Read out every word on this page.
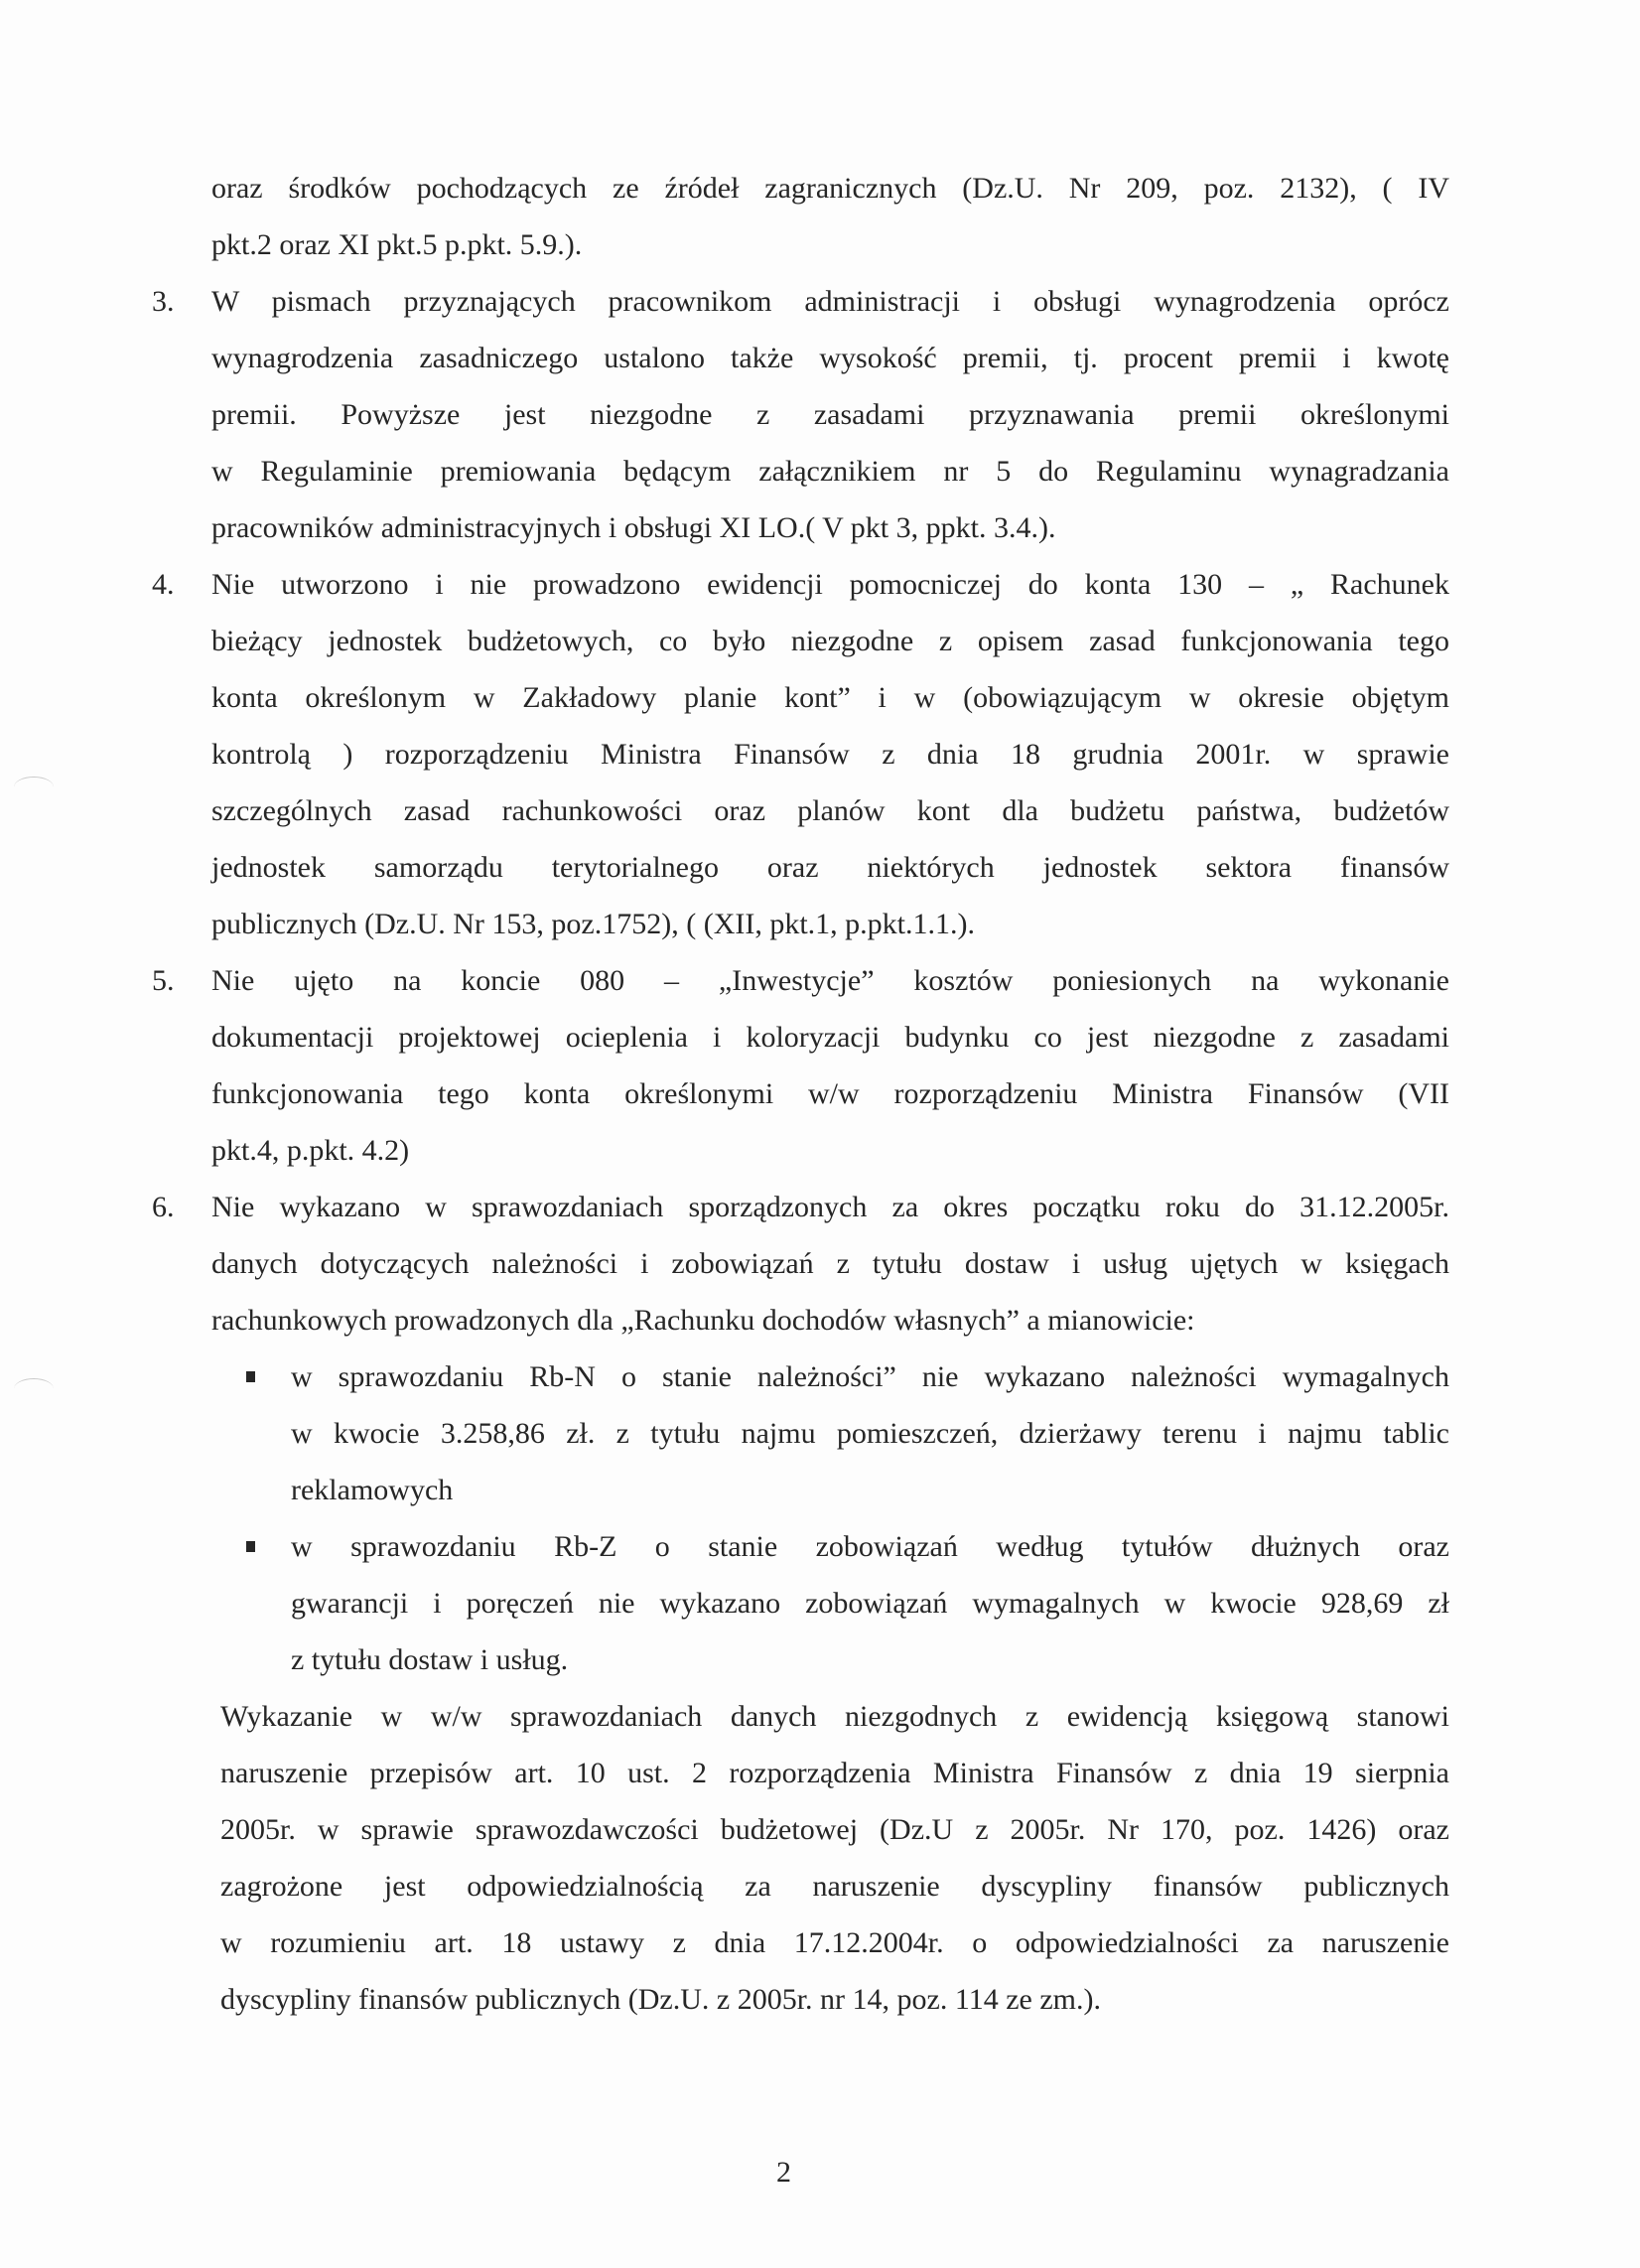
oraz środków pochodzących ze źródeł zagranicznych (Dz.U. Nr 209, poz. 2132), ( IV
pkt.2 oraz XI pkt.5 p.pkt. 5.9.).
3. W pismach przyznających pracownikom administracji i obsługi wynagrodzenia oprócz
wynagrodzenia zasadniczego ustalono także wysokość premii, tj. procent premii i kwotę
premii. Powyższe jest niezgodne z zasadami przyznawania premii określonymi
w Regulaminie premiowania będącym załącznikiem nr 5 do Regulaminu wynagradzania
pracowników administracyjnych i obsługi XI LO.( V pkt 3, ppkt. 3.4.).
4. Nie utworzono i nie prowadzono ewidencji pomocniczej do konta 130 – „ Rachunek
bieżący jednostek budżetowych, co było niezgodne z opisem zasad funkcjonowania tego
konta określonym w Zakładowy planie kont” i w (obowiązującym w okresie objętym
kontrolą ) rozporządzeniu Ministra Finansów z dnia 18 grudnia 2001r. w sprawie
szczególnych zasad rachunkowości oraz planów kont dla budżetu państwa, budżetów
jednostek samorządu terytorialnego oraz niektórych jednostek sektora finansów
publicznych (Dz.U. Nr 153, poz.1752), ( (XII, pkt.1, p.pkt.1.1.).
5. Nie ujęto na koncie 080 – „Inwestycje” kosztów poniesionych na wykonanie
dokumentacji projektowej ocieplenia i koloryzacji budynku co jest niezgodne z zasadami
funkcjonowania tego konta określonymi w/w rozporządzeniu Ministra Finansów (VII
pkt.4, p.pkt. 4.2)
6. Nie wykazano w sprawozdaniach sporządzonych za okres początku roku do 31.12.2005r.
danych dotyczących należności i zobowiązań z tytułu dostaw i usług ujętych w księgach
rachunkowych prowadzonych dla „Rachunku dochodów własnych” a mianowicie:
w sprawozdaniu Rb-N o stanie należności” nie wykazano należności wymagalnych
w kwocie 3.258,86 zł. z tytułu najmu pomieszczeń, dzierżawy terenu i najmu tablic
reklamowych
w sprawozdaniu Rb-Z o stanie zobowiązań według tytułów dłużnych oraz
gwarancji i poręczeń nie wykazano zobowiązań wymagalnych w kwocie 928,69 zł
z tytułu dostaw i usług.
Wykazanie w w/w sprawozdaniach danych niezgodnych z ewidencją księgową stanowi
naruszenie przepisów art. 10 ust. 2 rozporządzenia Ministra Finansów z dnia 19 sierpnia
2005r. w sprawie sprawozdawczości budżetowej (Dz.U z 2005r. Nr 170, poz. 1426) oraz
zagrożone jest odpowiedzialnością za naruszenie dyscypliny finansów publicznych
w rozumieniu art. 18 ustawy z dnia 17.12.2004r. o odpowiedzialności za naruszenie
dyscypliny finansów publicznych (Dz.U. z 2005r. nr 14, poz. 114 ze zm.).
2
